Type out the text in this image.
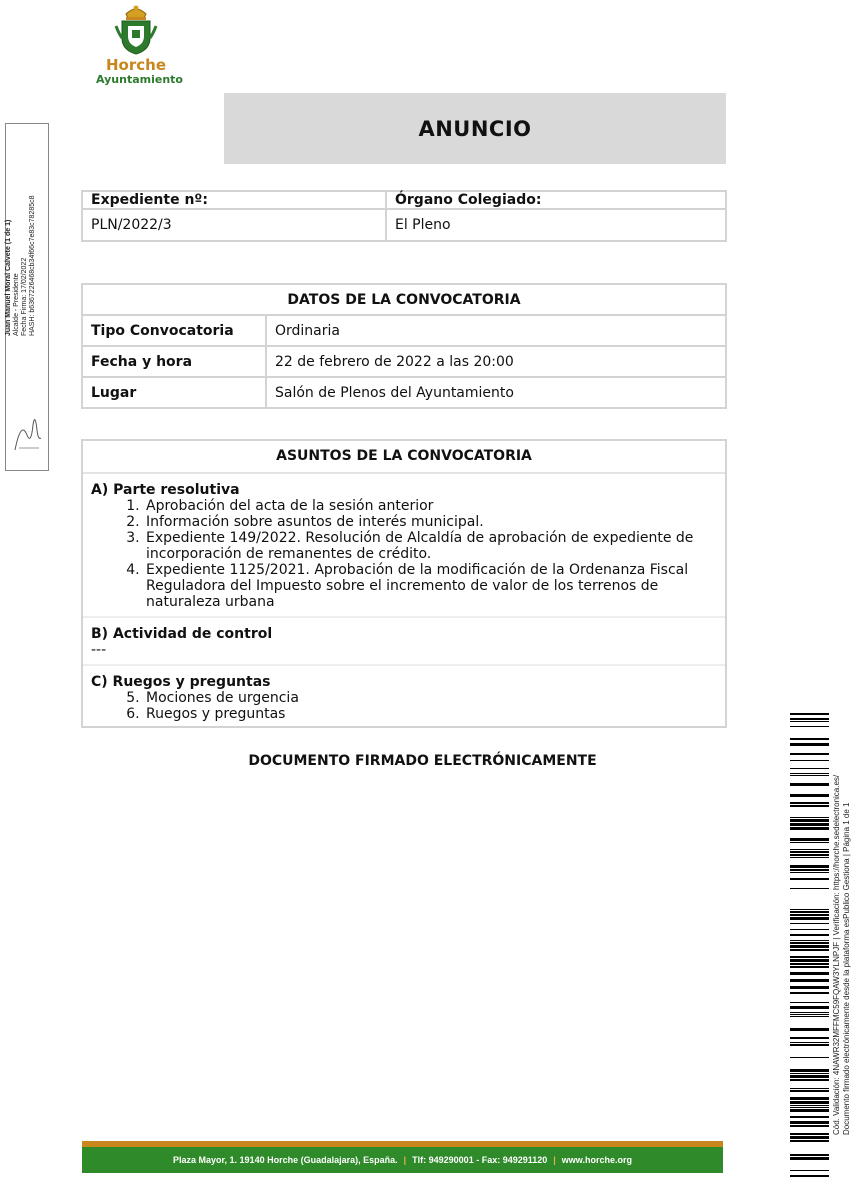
Horche
Ayuntamiento
Juan Manuel Moral Calvete (1 de 1) Alcalde - Presidente Fecha Firma: 17/02/2022 HASH: b6367226468cb34f66c7e83c78285c8
ANUNCIO
Expediente nº:	Órgano Colegiado:
PLN/2022/3	El Pleno
DATOS DE LA CONVOCATORIA	
Tipo Convocatoria	Ordinaria
Fecha y hora	22 de febrero de 2022 a las 20:00
Lugar	Salón de Plenos del Ayuntamiento
ASUNTOS DE LA CONVOCATORIA
A) Parte resolutiva
1. Aprobación del acta de la sesión anterior
2. Información sobre asuntos de interés municipal.
3. Expediente 149/2022. Resolución de Alcaldía de aprobación de expediente de incorporación de remanentes de crédito.
4. Expediente 1125/2021. Aprobación de la modificación de la Ordenanza Fiscal Reguladora del Impuesto sobre el incremento de valor de los terrenos de naturaleza urbana
B) Actividad de control
---
C) Ruegos y preguntas
5. Mociones de urgencia
6. Ruegos y preguntas
DOCUMENTO FIRMADO ELECTRÓNICAMENTE
Cód. Validación: 4NAWR32MFFMC59FQAW3YLNPJF | Verificación: https://horche.sedelectronica.es/ Documento firmado electrónicamente desde la plataforma esPublico Gestiona | Página 1 de 1
Plaza Mayor, 1. 19140 Horche (Guadalajara), España. | Tlf: 949290001 - Fax: 949291120 | www.horche.org
